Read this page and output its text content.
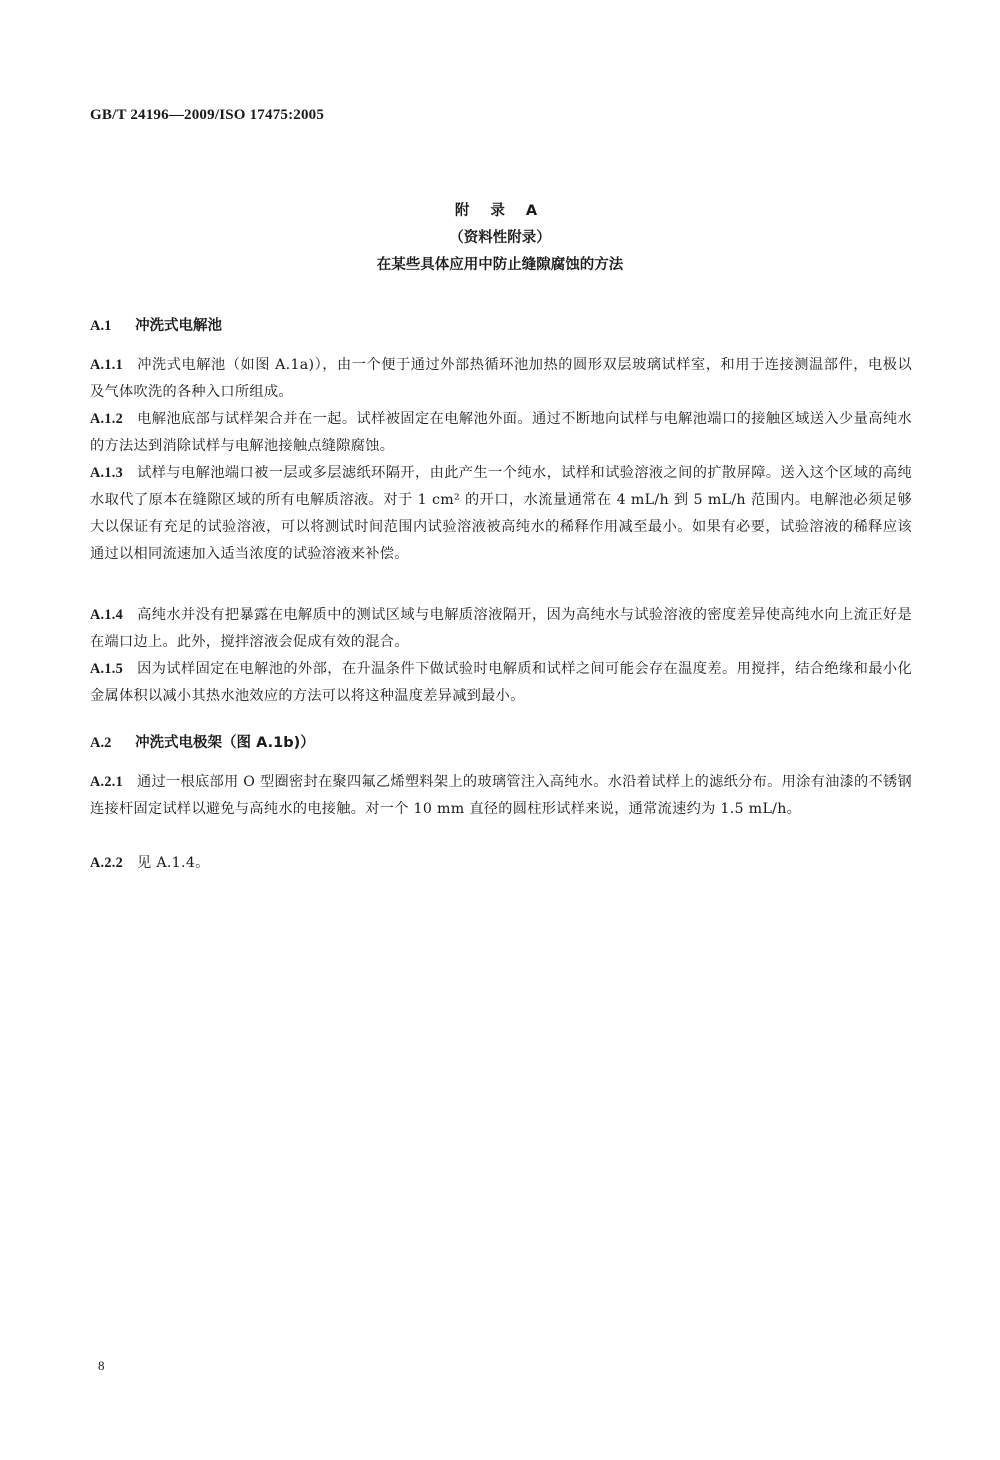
GB/T 24196—2009/ISO 17475:2005
附 录 A
（资料性附录）
在某些具体应用中防止缝隙腐蚀的方法
A.1 冲洗式电解池
A.1.1 冲洗式电解池（如图 A.1a)），由一个便于通过外部热循环池加热的圆形双层玻璃试样室，和用于连接测温部件，电极以及气体吹洗的各种入口所组成。
A.1.2 电解池底部与试样架合并在一起。试样被固定在电解池外面。通过不断地向试样与电解池端口的接触区域送入少量高纯水的方法达到消除试样与电解池接触点缝隙腐蚀。
A.1.3 试样与电解池端口被一层或多层滤纸环隔开，由此产生一个纯水，试样和试验溶液之间的扩散屏障。送入这个区域的高纯水取代了原本在缝隙区域的所有电解质溶液。对于 1 cm² 的开口，水流量通常在 4 mL/h 到 5 mL/h 范围内。电解池必须足够大以保证有充足的试验溶液，可以将测试时间范围内试验溶液被高纯水的稀释作用减至最小。如果有必要，试验溶液的稀释应该通过以相同流速加入适当浓度的试验溶液来补偿。
A.1.4 高纯水并没有把暴露在电解质中的测试区域与电解质溶液隔开，因为高纯水与试验溶液的密度差异使高纯水向上流正好是在端口边上。此外，搅拌溶液会促成有效的混合。
A.1.5 因为试样固定在电解池的外部，在升温条件下做试验时电解质和试样之间可能会存在温度差。用搅拌，结合绝缘和最小化金属体积以减小其热水池效应的方法可以将这种温度差异减到最小。
A.2 冲洗式电极架（图 A.1b)）
A.2.1 通过一根底部用 O 型圈密封在聚四氟乙烯塑料架上的玻璃管注入高纯水。水沿着试样上的滤纸分布。用涂有油漆的不锈钢连接杆固定试样以避免与高纯水的电接触。对一个 10 mm 直径的圆柱形试样来说，通常流速约为 1.5 mL/h。
A.2.2 见 A.1.4。
8
